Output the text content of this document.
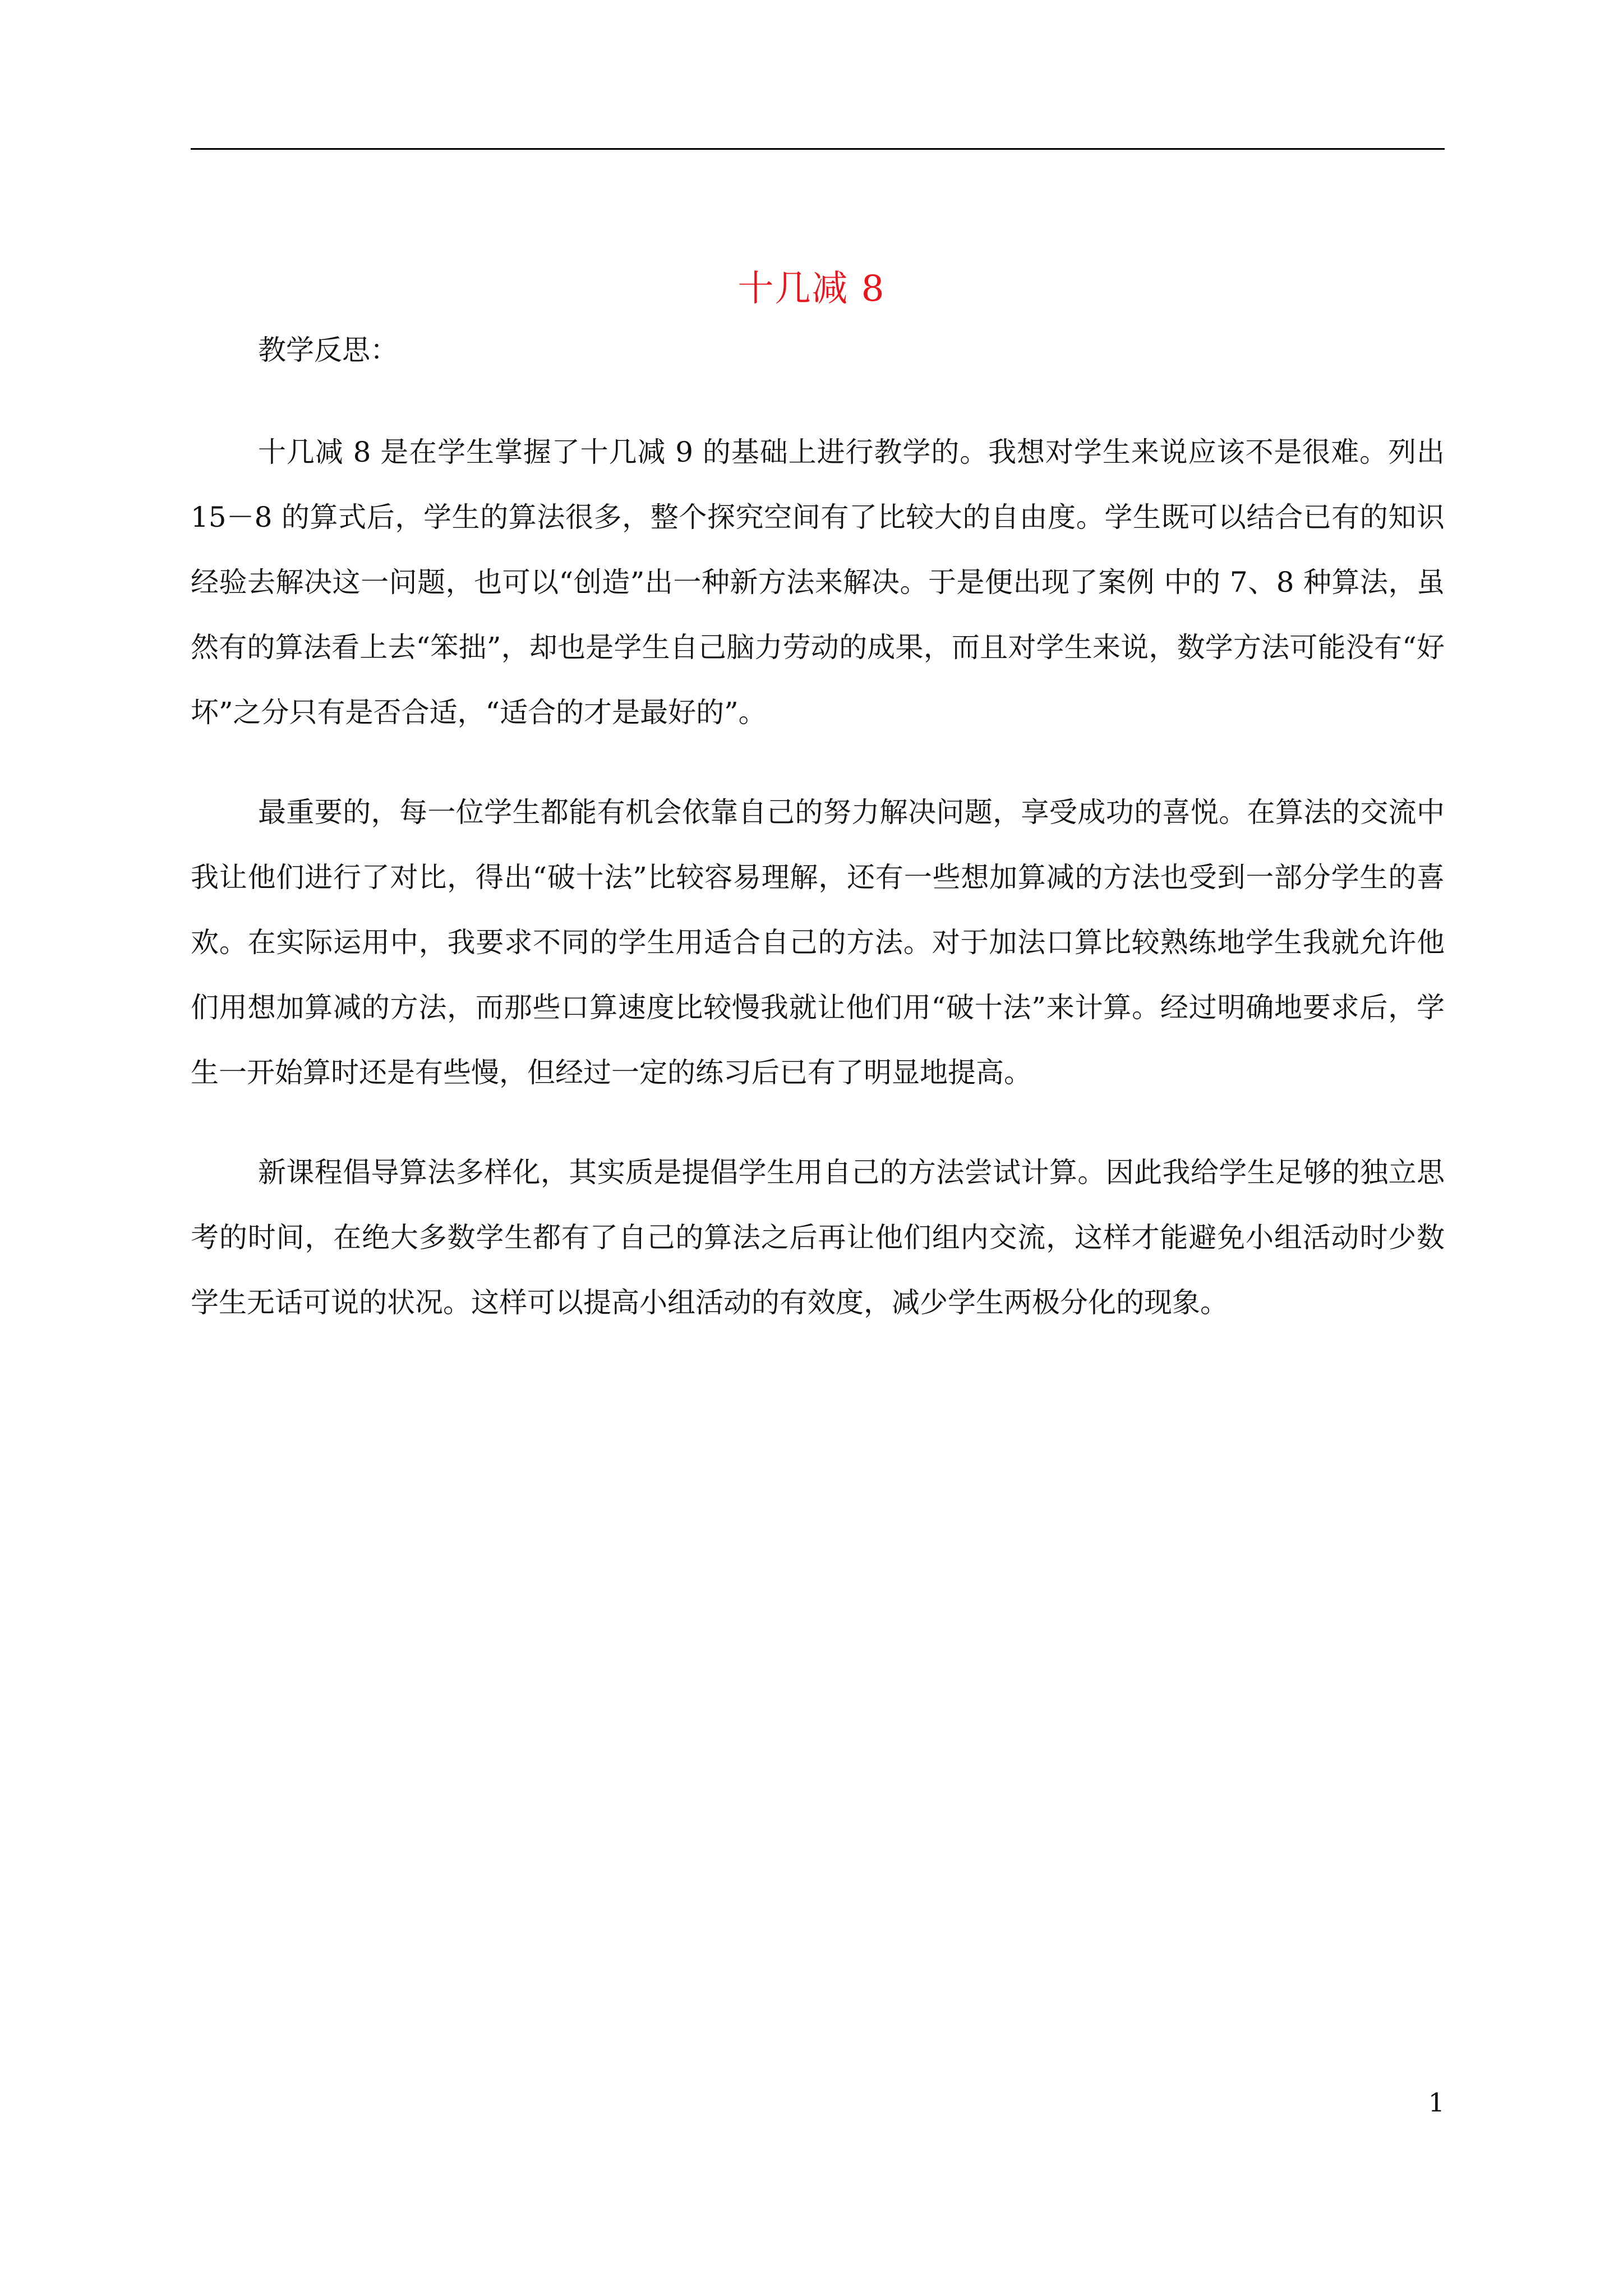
十几减 8

教学反思：

十几减 8 是在学生掌握了十几减 9 的基础上进行教学的。我想对学生来说应该不是很难。列出 15－8 的算式后，学生的算法很多，整个探究空间有了比较大的自由度。学生既可以结合已有的知识经验去解决这一问题，也可以“创造”出一种新方法来解决。于是便出现了案例 中的 7、8 种算法，虽然有的算法看上去“笨拙”，却也是学生自己脑力劳动的成果，而且对学生来说，数学方法可能没有“好坏”之分只有是否合适，“适合的才是最好的”。

最重要的，每一位学生都能有机会依靠自己的努力解决问题，享受成功的喜悦。在算法的交流中我让他们进行了对比，得出“破十法”比较容易理解，还有一些想加算减的方法也受到一部分学生的喜欢。在实际运用中，我要求不同的学生用适合自己的方法。对于加法口算比较熟练地学生我就允许他们用想加算减的方法，而那些口算速度比较慢我就让他们用“破十法”来计算。经过明确地要求后，学生一开始算时还是有些慢，但经过一定的练习后已有了明显地提高。

新课程倡导算法多样化，其实质是提倡学生用自己的方法尝试计算。因此我给学生足够的独立思考的时间，在绝大多数学生都有了自己的算法之后再让他们组内交流，这样才能避免小组活动时少数学生无话可说的状况。这样可以提高小组活动的有效度，减少学生两极分化的现象。

1
